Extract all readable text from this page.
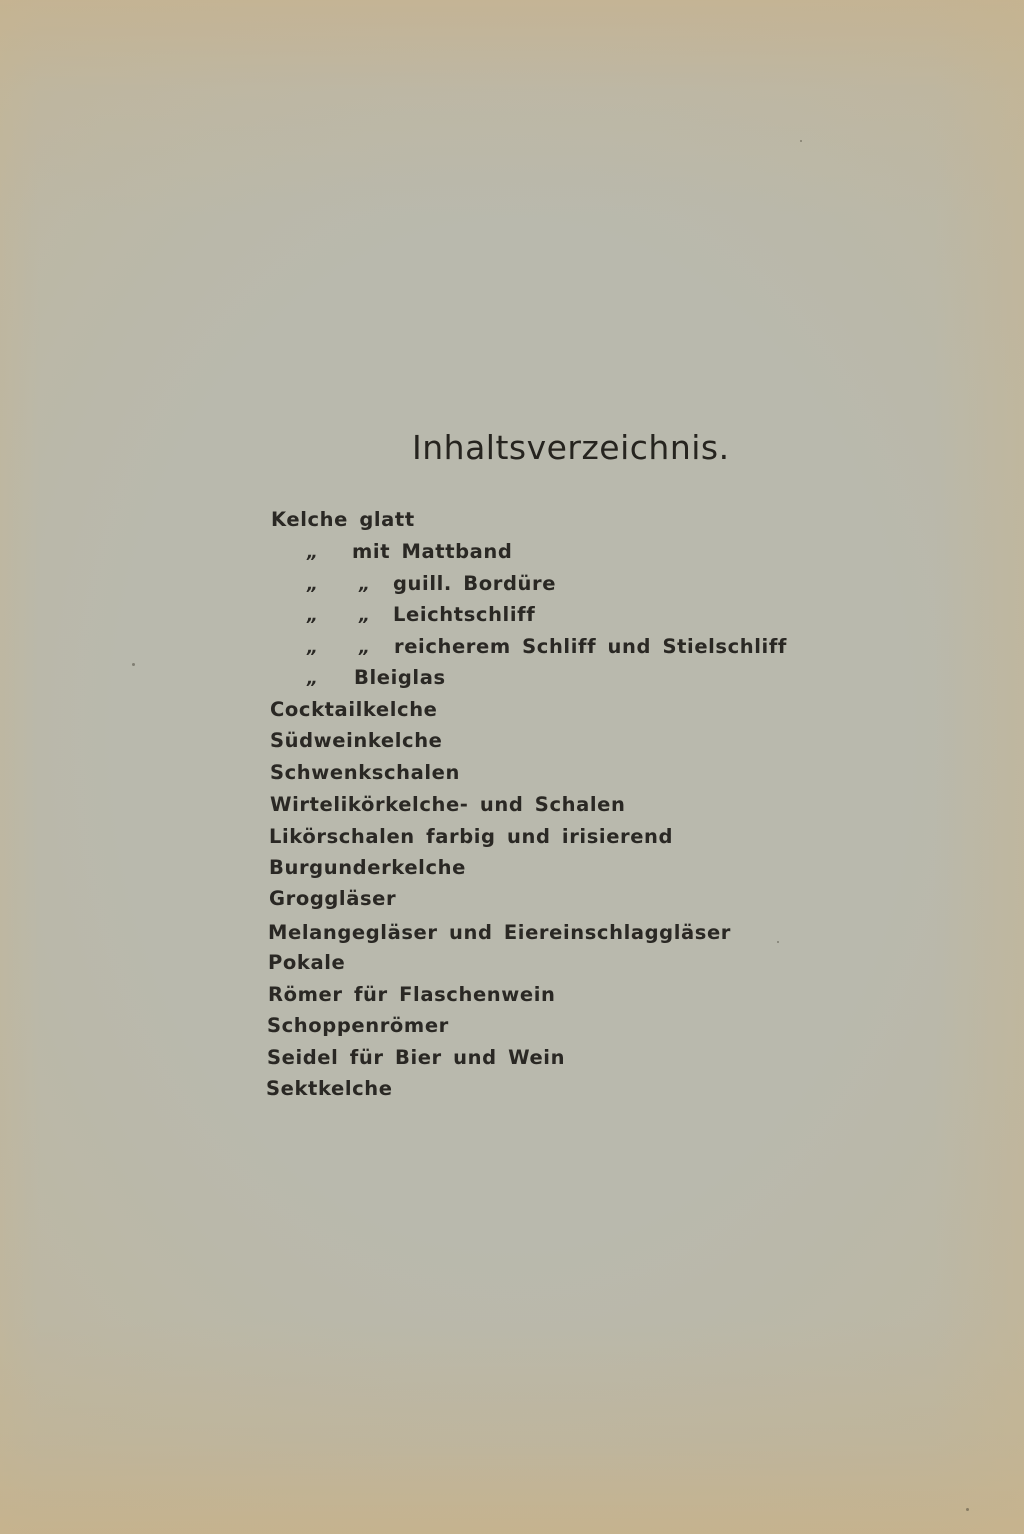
Inhaltsverzeichnis.
Kelche glatt
„ mit Mattband
„ „ guill. Bordüre
„ „ Leichtschliff
„ „ reicherem Schliff und Stielschliff
„ Bleiglas
Cocktailkelche
Südweinkelche
Schwenkschalen
Wirtelikörkelche- und Schalen
Likörschalen farbig und irisierend
Burgunderkelche
Groggläser
Melangegläser und Eiereinschlaggläser
Pokale
Römer für Flaschenwein
Schoppenrömer
Seidel für Bier und Wein
Sektkelche
